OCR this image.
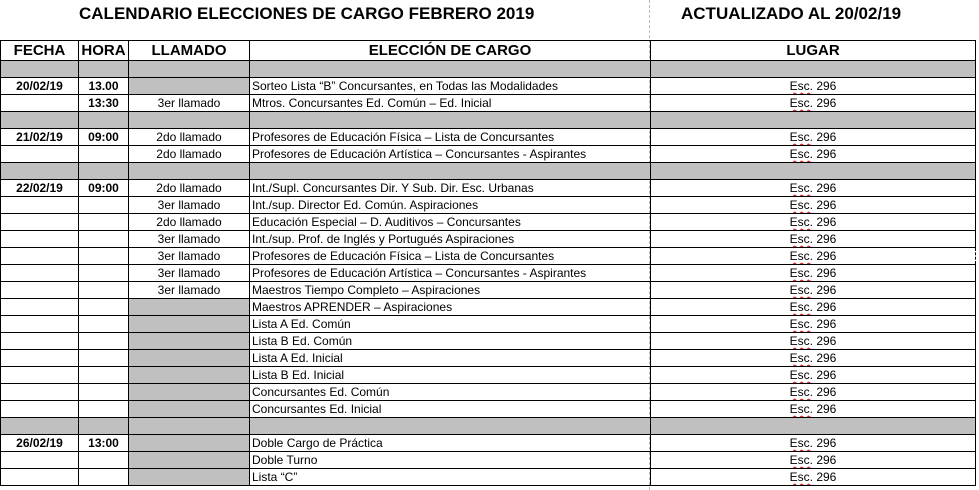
CALENDARIO ELECCIONES DE CARGO FEBRERO 2019	ACTUALIZADO AL 20/02/19
FECHA	HORA	LLAMADO	ELECCIÓN DE CARGO	LUGAR

20/02/19	13.00		Sorteo Lista “B” Concursantes, en Todas las Modalidades	Esc. 296
	13:30	3er llamado	Mtros. Concursantes Ed. Común – Ed. Inicial	Esc. 296

21/02/19	09:00	2do llamado	Profesores de Educación Física – Lista de Concursantes	Esc. 296
		2do llamado	Profesores de Educación Artística – Concursantes - Aspirantes	Esc. 296

22/02/19	09:00	2do llamado	Int./Supl. Concursantes Dir. Y Sub. Dir. Esc. Urbanas	Esc. 296
		3er llamado	Int./sup. Director Ed. Común. Aspiraciones	Esc. 296
		2do llamado	Educación Especial – D. Auditivos – Concursantes	Esc. 296
		3er llamado	Int./sup. Prof. de Inglés y Portugués Aspiraciones	Esc. 296
		3er llamado	Profesores de Educación Física – Lista de Concursantes	Esc. 296
		3er llamado	Profesores de Educación Artística – Concursantes - Aspirantes	Esc. 296
		3er llamado	Maestros Tiempo Completo – Aspiraciones	Esc. 296
			Maestros APRENDER – Aspiraciones	Esc. 296
			Lista A Ed. Común	Esc. 296
			Lista B Ed. Común	Esc. 296
			Lista A Ed. Inicial	Esc. 296
			Lista B Ed. Inicial	Esc. 296
			Concursantes Ed. Común	Esc. 296
			Concursantes Ed. Inicial	Esc. 296

26/02/19	13:00		Doble Cargo de Práctica	Esc. 296
			Doble Turno	Esc. 296
			Lista “C”	Esc. 296
